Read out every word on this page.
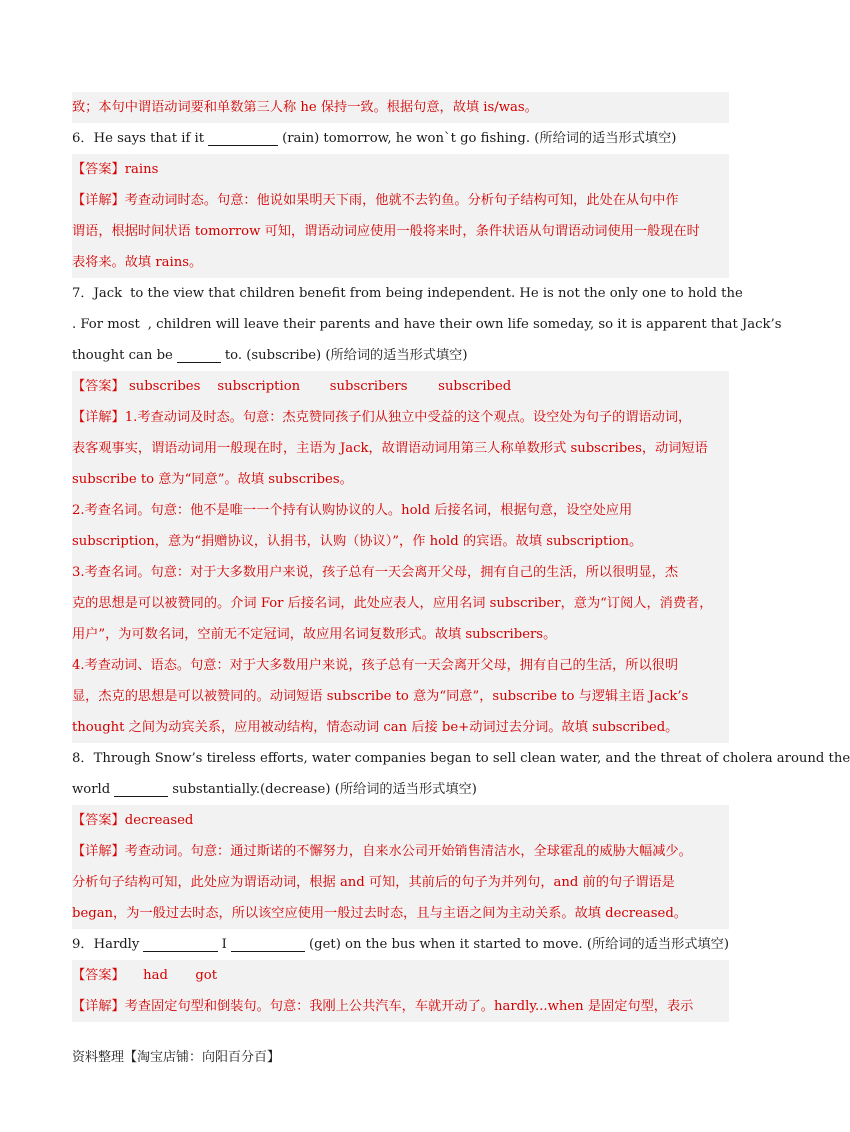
致；本句中谓语动词要和单数第三人称 he 保持一致。根据句意，故填 is/was。
6．He says that if it	(rain) tomorrow, he won`t go fishing. (所给词的适当形式填空)
【答案】rains
【详解】考查动词时态。句意：他说如果明天下雨，他就不去钓鱼。分析句子结构可知，此处在从句中作
谓语，根据时间状语 tomorrow 可知，谓语动词应使用一般将来时，条件状语从句谓语动词使用一般现在时
表将来。故填 rains。
7．Jack to the view that children benefit from being independent. He is not the only one to hold the
. For most , children will leave their parents and have their own life someday, so it is apparent that Jack’s
thought can be	to. (subscribe) (所给词的适当形式填空)
【答案】 subscribes subscription subscribers subscribed
【详解】1.考查动词及时态。句意：杰克赞同孩子们从独立中受益的这个观点。设空处为句子的谓语动词，
表客观事实，谓语动词用一般现在时，主语为 Jack，故谓语动词用第三人称单数形式 subscribes，动词短语
subscribe to 意为“同意”。故填 subscribes。
2.考查名词。句意：他不是唯一一个持有认购协议的人。hold 后接名词，根据句意，设空处应用
subscription，意为“捐赠协议，认捐书，认购（协议）”，作 hold 的宾语。故填 subscription。
3.考查名词。句意：对于大多数用户来说，孩子总有一天会离开父母，拥有自己的生活，所以很明显，杰
克的思想是可以被赞同的。介词 For 后接名词，此处应表人，应用名词 subscriber，意为“订阅人，消费者，
用户”，为可数名词，空前无不定冠词，故应用名词复数形式。故填 subscribers。
4.考查动词、语态。句意：对于大多数用户来说，孩子总有一天会离开父母，拥有自己的生活，所以很明
显，杰克的思想是可以被赞同的。动词短语 subscribe to 意为“同意”，subscribe to 与逻辑主语 Jack’s
thought 之间为动宾关系，应用被动结构，情态动词 can 后接 be+动词过去分词。故填 subscribed。
8．Through Snow’s tireless efforts, water companies began to sell clean water, and the threat of cholera around the
world	substantially.(decrease) (所给词的适当形式填空)
【答案】decreased
【详解】考查动词。句意：通过斯诺的不懈努力，自来水公司开始销售清洁水，全球霍乱的威胁大幅减少。
分析句子结构可知，此处应为谓语动词，根据 and 可知，其前后的句子为并列句，and 前的句子谓语是
began，为一般过去时态，所以该空应使用一般过去时态，且与主语之间为主动关系。故填 decreased。
9．Hardly	I	(get) on the bus when it started to move. (所给词的适当形式填空)
【答案】 had got
【详解】考查固定句型和倒装句。句意：我刚上公共汽车，车就开动了。hardly...when 是固定句型，表示
资料整理【淘宝店铺：向阳百分百】
